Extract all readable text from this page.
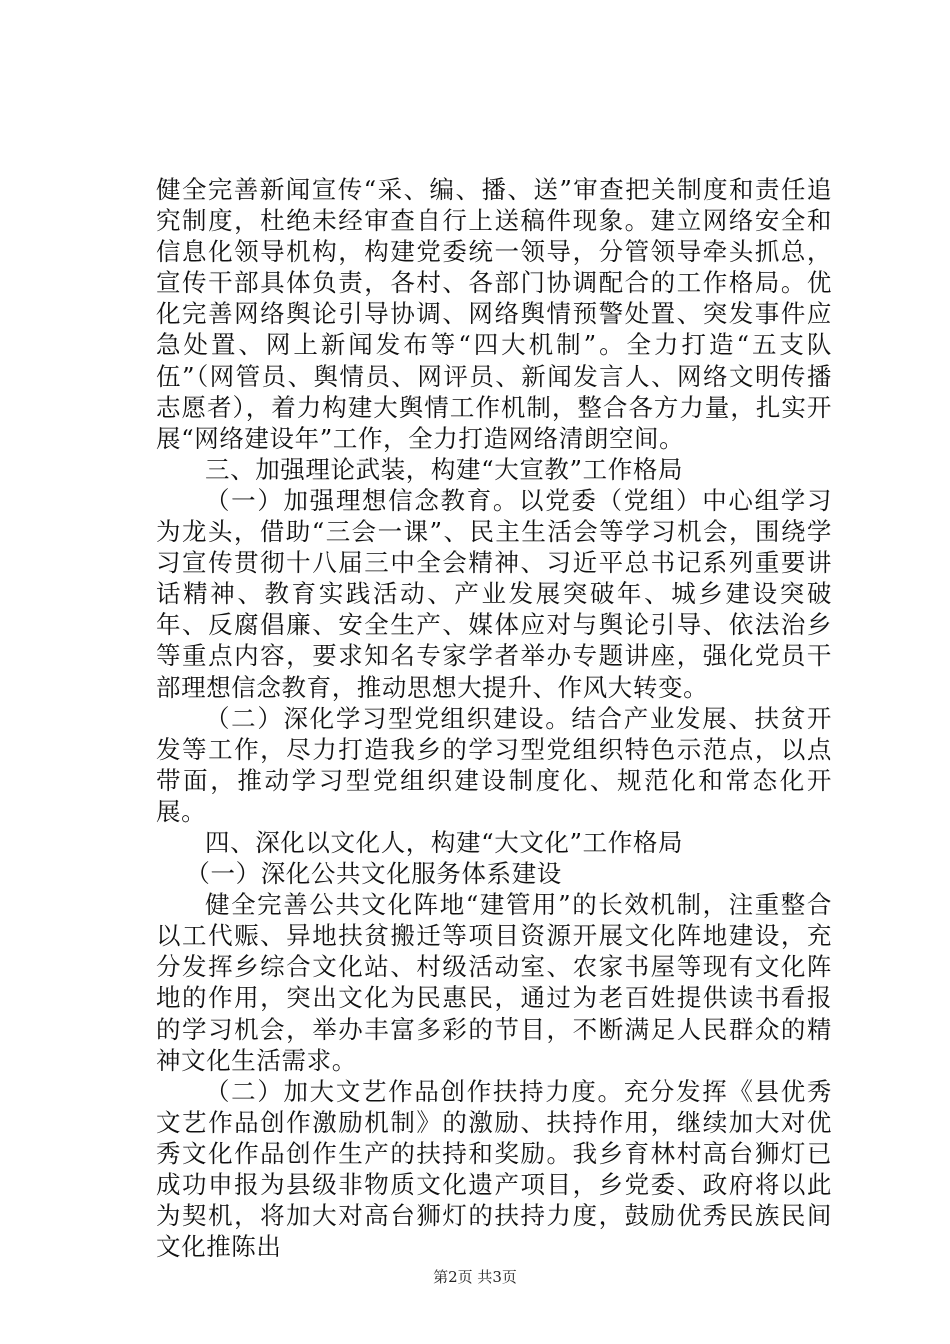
健全完善新闻宣传“采、编、播、送”审查把关制度和责任追究制度，杜绝未经审查自行上送稿件现象。建立网络安全和信息化领导机构，构建党委统一领导，分管领导牵头抓总，宣传干部具体负责，各村、各部门协调配合的工作格局。优化完善网络舆论引导协调、网络舆情预警处置、突发事件应急处置、网上新闻发布等“四大机制”。全力打造“五支队伍”（网管员、舆情员、网评员、新闻发言人、网络文明传播志愿者），着力构建大舆情工作机制，整合各方力量，扎实开展“网络建设年”工作，全力打造网络清朗空间。

三、加强理论武装，构建“大宣教”工作格局

（一）加强理想信念教育。以党委（党组）中心组学习为龙头，借助“三会一课”、民主生活会等学习机会，围绕学习宣传贯彻十八届三中全会精神、习近平总书记系列重要讲话精神、教育实践活动、产业发展突破年、城乡建设突破年、反腐倡廉、安全生产、媒体应对与舆论引导、依法治乡等重点内容，要求知名专家学者举办专题讲座，强化党员干部理想信念教育，推动思想大提升、作风大转变。

（二）深化学习型党组织建设。结合产业发展、扶贫开发等工作，尽力打造我乡的学习型党组织特色示范点，以点带面，推动学习型党组织建设制度化、规范化和常态化开展。

四、深化以文化人，构建“大文化”工作格局

（一）深化公共文化服务体系建设

健全完善公共文化阵地“建管用”的长效机制，注重整合以工代赈、异地扶贫搬迁等项目资源开展文化阵地建设，充分发挥乡综合文化站、村级活动室、农家书屋等现有文化阵地的作用，突出文化为民惠民，通过为老百姓提供读书看报的学习机会，举办丰富多彩的节目，不断满足人民群众的精神文化生活需求。

（二）加大文艺作品创作扶持力度。充分发挥《县优秀文艺作品创作激励机制》的激励、扶持作用，继续加大对优秀文化作品创作生产的扶持和奖励。我乡育林村高台狮灯已成功申报为县级非物质文化遗产项目，乡党委、政府将以此为契机，将加大对高台狮灯的扶持力度，鼓励优秀民族民间文化推陈出

第2页 共3页
